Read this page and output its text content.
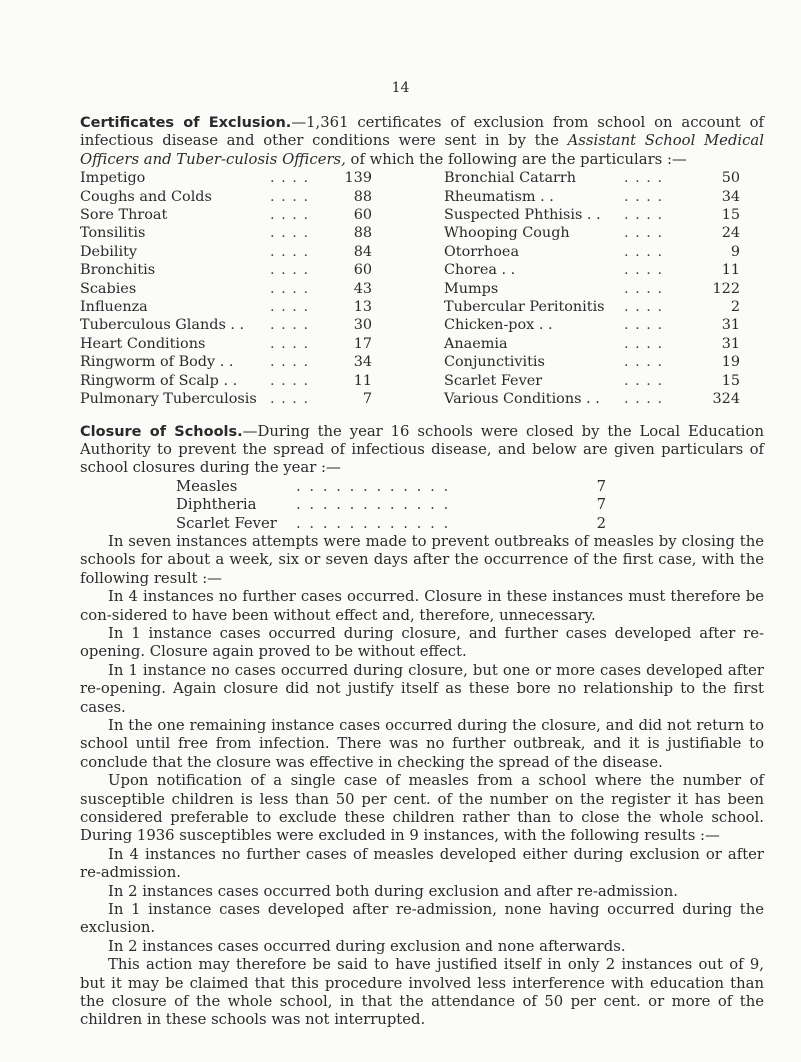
14

Certificates of Exclusion.—1,361 certificates of exclusion from school on account of infectious disease and other conditions were sent in by the Assistant School Medical Officers and Tuber-culosis Officers, of which the following are the particulars :—

Impetigo	. . . .	139		Bronchial Catarrh	. . . .	50
Coughs and Colds	. . . .	88		Rheumatism . .	. . . .	34
Sore Throat	. . . .	60		Suspected Phthisis . .	. . . .	15
Tonsilitis	. . . .	88		Whooping Cough	. . . .	24
Debility	. . . .	84		Otorrhoea	. . . .	9
Bronchitis	. . . .	60		Chorea . .	. . . .	11
Scabies	. . . .	43		Mumps	. . . .	122
Influenza	. . . .	13		Tubercular Peritonitis	. . . .	2
Tuberculous Glands . .	. . . .	30		Chicken-pox . .	. . . .	31
Heart Conditions	. . . .	17		Anaemia	. . . .	31
Ringworm of Body . .	. . . .	34		Conjunctivitis	. . . .	19
Ringworm of Scalp . .	. . . .	11		Scarlet Fever	. . . .	15
Pulmonary Tuberculosis	. . . .	7		Various Conditions . .	. . . .	324

Closure of Schools.—During the year 16 schools were closed by the Local Education Authority to prevent the spread of infectious disease, and below are given particulars of school closures during the year :—

Measles	. . . . . . . . . . . .	7
Diphtheria	. . . . . . . . . . . .	7
Scarlet Fever	. . . . . . . . . . . .	2

In seven instances attempts were made to prevent outbreaks of measles by closing the schools for about a week, six or seven days after the occurrence of the first case, with the following result :—

In 4 instances no further cases occurred. Closure in these instances must therefore be con-sidered to have been without effect and, therefore, unnecessary.

In 1 instance cases occurred during closure, and further cases developed after re-opening. Closure again proved to be without effect.

In 1 instance no cases occurred during closure, but one or more cases developed after re-opening. Again closure did not justify itself as these bore no relationship to the first cases.

In the one remaining instance cases occurred during the closure, and did not return to school until free from infection. There was no further outbreak, and it is justifiable to conclude that the closure was effective in checking the spread of the disease.

Upon notification of a single case of measles from a school where the number of susceptible children is less than 50 per cent. of the number on the register it has been considered preferable to exclude these children rather than to close the whole school. During 1936 susceptibles were excluded in 9 instances, with the following results :—

In 4 instances no further cases of measles developed either during exclusion or after re-admission.

In 2 instances cases occurred both during exclusion and after re-admission.

In 1 instance cases developed after re-admission, none having occurred during the exclusion.

In 2 instances cases occurred during exclusion and none afterwards.

This action may therefore be said to have justified itself in only 2 instances out of 9, but it may be claimed that this procedure involved less interference with education than the closure of the whole school, in that the attendance of 50 per cent. or more of the children in these schools was not interrupted.
